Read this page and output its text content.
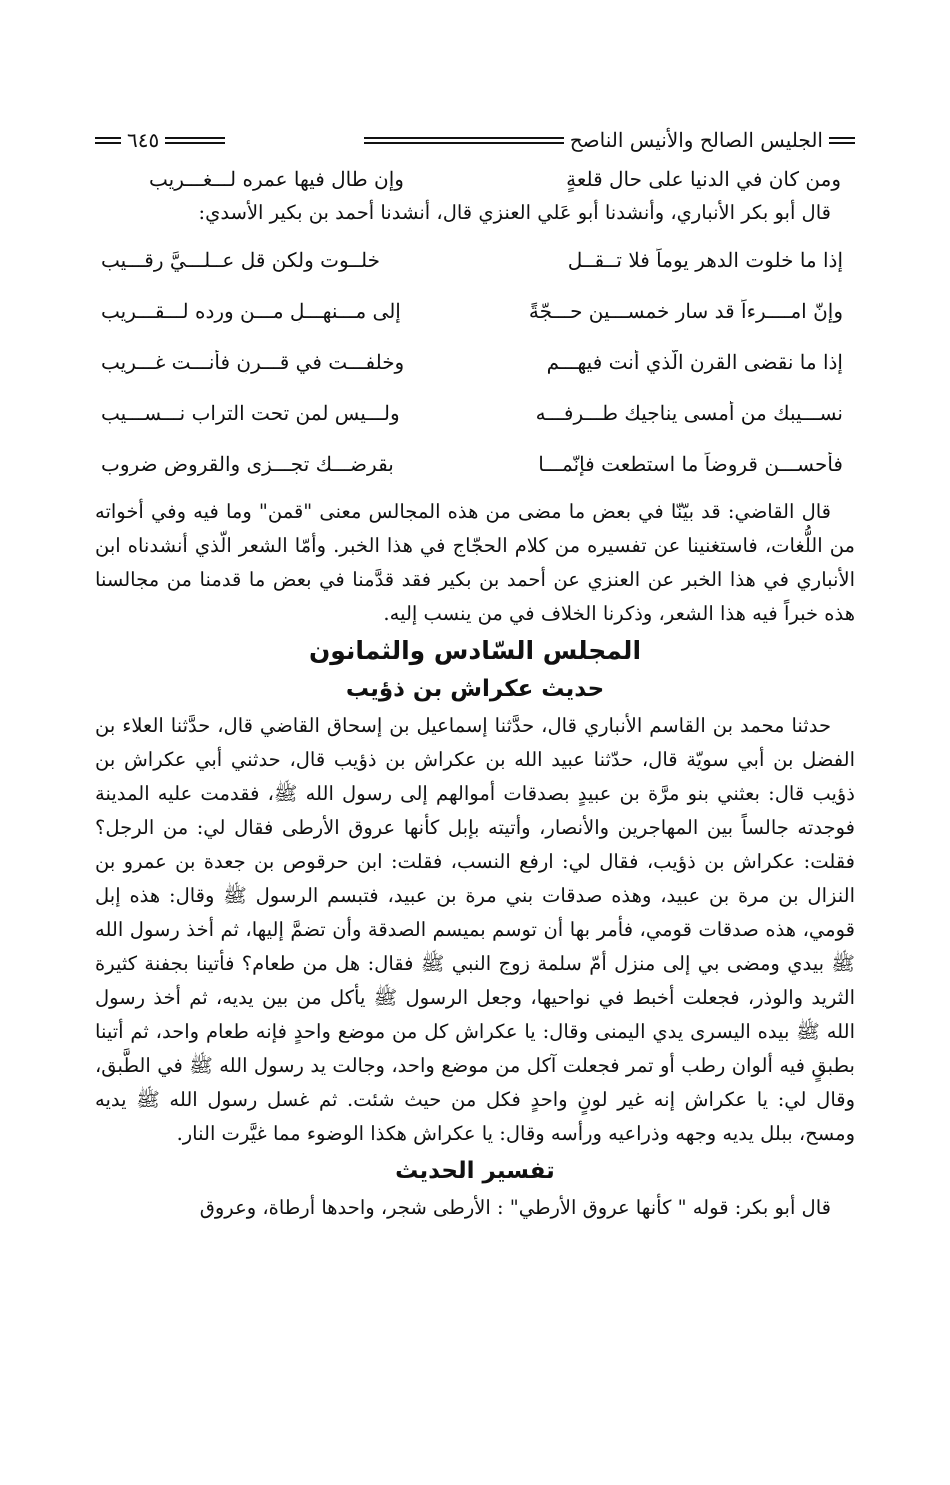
الجليس الصالح والأنيس الناصح
٦٤٥
ومن كان في الدنيا على حال قلعةٍ
وإن طال فيها عمره لـــغـــريب

قال أبو بكر الأنباري، وأنشدنا أبو عَلي العنزي قال، أنشدنا أحمد بن بكير الأسدي:

إذا ما خلوت الدهر يوماً فلا تــقــل
خلــوت ولكن قل عــلـــيَّ رقـــيب
وإنّ امــــرءاً قد سار خمســـين حـــجّةً
إلى مـــنهـــلٍ مـــن ورده لـــقـــريب
إذا ما نقضى القرن الّذي أنت فيهـــم
وخلفـــت في قـــرنٍ فأنـــت غـــريب
نســـيبك من أمسى يناجيك طـــرفـــه
ولـــيس لمن تحت التراب نـــســـيب
فأحســـن قروضاً ما استطعت فإنّمـــا
بقرضـــك تجـــزى والقروض ضروب

قال القاضي: قد بيّنّا في بعض ما مضى من هذه المجالس معنى "قمن" وما فيه وفي أخواته من اللُّغات، فاستغنينا عن تفسيره من كلام الحجّاج في هذا الخبر. وأمّا الشعر الّذي أنشدناه ابن الأنباري في هذا الخبر عن العنزي عن أحمد بن بكير فقد قدَّمنا في بعض ما قدمنا من مجالسنا هذه خبراً فيه هذا الشعر، وذكرنا الخلاف في من ينسب إليه.

المجلس السّادس والثمانون
حديث عكراش بن ذؤيب

حدثنا محمد بن القاسم الأنباري قال، حدَّثنا إسماعيل بن إسحاق القاضي قال، حدَّثنا العلاء بن الفضل بن أبي سويّة قال، حدّثنا عبيد الله بن عكراش بن ذؤيب قال، حدثني أبي عكراش بن ذؤيب قال: بعثني بنو مرَّة بن عبيدٍ بصدقات أموالهم إلى رسول الله ﷺ، فقدمت عليه المدينة فوجدته جالساً بين المهاجرين والأنصار، وأتيته بإبل كأنها عروق الأرطى فقال لي: من الرجل؟ فقلت: عكراش بن ذؤيب، فقال لي: ارفع النسب، فقلت: ابن حرقوص بن جعدة بن عمرو بن النزال بن مرة بن عبيد، وهذه صدقات بني مرة بن عبيد، فتبسم الرسول ﷺ وقال: هذه إبل قومي، هذه صدقات قومي، فأمر بها أن توسم بميسم الصدقة وأن تضمَّ إليها، ثم أخذ رسول الله ﷺ بيدي ومضى بي إلى منزل أمّ سلمة زوج النبي ﷺ فقال: هل من طعام؟ فأتينا بجفنة كثيرة الثريد والوذر، فجعلت أخبط في نواحيها، وجعل الرسول ﷺ يأكل من بين يديه، ثم أخذ رسول الله ﷺ بيده اليسرى يدي اليمنى وقال: يا عكراش كل من موضع واحدٍ فإنه طعام واحد، ثم أتينا بطبقٍ فيه ألوان رطب أو تمر فجعلت آكل من موضع واحد، وجالت يد رسول الله ﷺ في الطَّبق، وقال لي: يا عكراش إنه غير لونٍ واحدٍ فكل من حيث شئت. ثم غسل رسول الله ﷺ يديه ومسح، ببلل يديه وجهه وذراعيه ورأسه وقال: يا عكراش هكذا الوضوء مما غيَّرت النار.

تفسير الحديث

قال أبو بكر: قوله " كأنها عروق الأرطي" : الأرطى شجر، واحدها أرطاة، وعروق
